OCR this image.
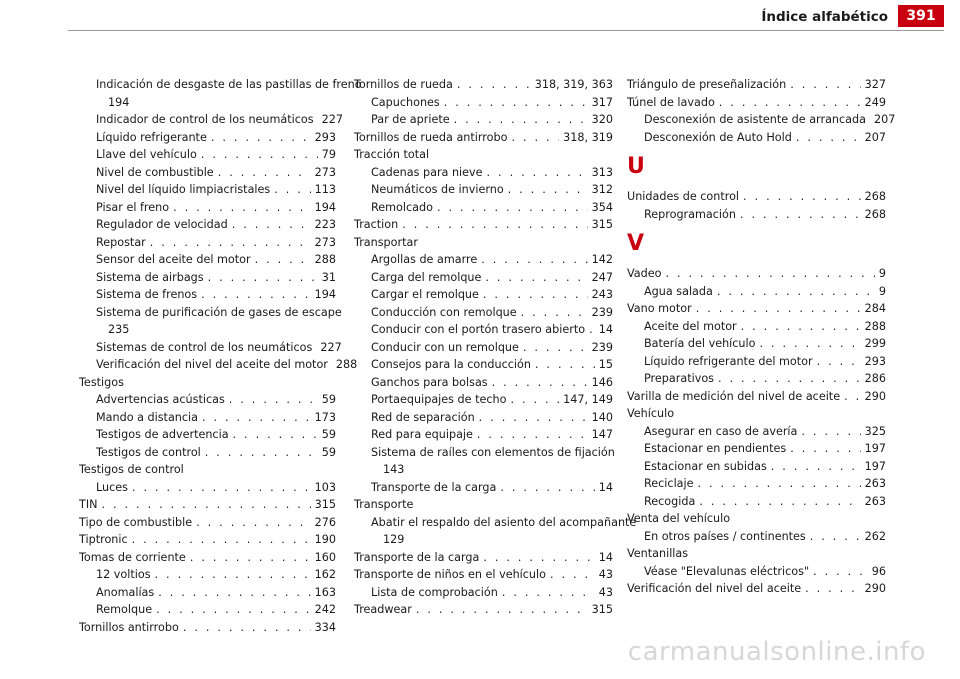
Índice alfabético 391
Indicación de desgaste de las pastillas de freno
194
Indicador de control de los neumáticos 227
Líquido refrigerante . . .	293
Llave del vehículo . . .	79
Nivel de combustible . . .	273
Nivel del líquido limpiacristales . . .	113
Pisar el freno . . .	194
Regulador de velocidad . . .	223
Repostar . . .	273
Sensor del aceite del motor . . .	288
Sistema de airbags . . .	31
Sistema de frenos . . .	194
Sistema de purificación de gases de escape
235
Sistemas de control de los neumáticos 227
Verificación del nivel del aceite del motor 288
Testigos
Advertencias acústicas . . .	59
Mando a distancia . . .	173
Testigos de advertencia . . .	59
Testigos de control . . .	59
Testigos de control
Luces . . .	103
TIN . . .	315
Tipo de combustible . . .	276
Tiptronic . . .	190
Tomas de corriente . . .	160
12 voltios . . .	162
Anomalías . . .	163
Remolque . . .	242
Tornillos antirrobo . . .	334
Tornillos de rueda . . .	318, 319, 363
Capuchones . . .	317
Par de apriete . . .	320
Tornillos de rueda antirrobo . . .	318, 319
Tracción total
Cadenas para nieve . . .	313
Neumáticos de invierno . . .	312
Remolcado . . .	354
Traction . . .	315
Transportar
Argollas de amarre . . .	142
Carga del remolque . . .	247
Cargar el remolque . . .	243
Conducción con remolque . . .	239
Conducir con el portón trasero abierto . . . 14
Conducir con un remolque . . .	239
Consejos para la conducción . . .	15
Ganchos para bolsas . . .	146
Portaequipajes de techo . . .	147, 149
Red de separación . . .	140
Red para equipaje . . .	147
Sistema de raíles con elementos de fijación
143
Transporte de la carga . . .	14
Transporte
Abatir el respaldo del asiento del acompañante
129
Transporte de la carga . . .	14
Transporte de niños en el vehículo . . .	43
Lista de comprobación . . .	43
Treadwear . . .	315
Triángulo de preseñalización . . .	327
Túnel de lavado . . .	249
Desconexión de asistente de arrancada 207
Desconexión de Auto Hold . . .	207
U
Unidades de control . . .	268
Reprogramación . . .	268
V
Vadeo . . .	9
Agua salada . . .	9
Vano motor . . .	284
Aceite del motor . . .	288
Batería del vehículo . . .	299
Líquido refrigerante del motor . . .	293
Preparativos . . .	286
Varilla de medición del nivel de aceite . . . 290
Vehículo
Asegurar en caso de avería . . .	325
Estacionar en pendientes . . .	197
Estacionar en subidas . . .	197
Reciclaje . . .	263
Recogida . . .	263
Venta del vehículo
En otros países / continentes . . .	262
Ventanillas
Véase "Elevalunas eléctricos" . . .	96
Verificación del nivel del aceite . . .	290
carmanualsonline.info
